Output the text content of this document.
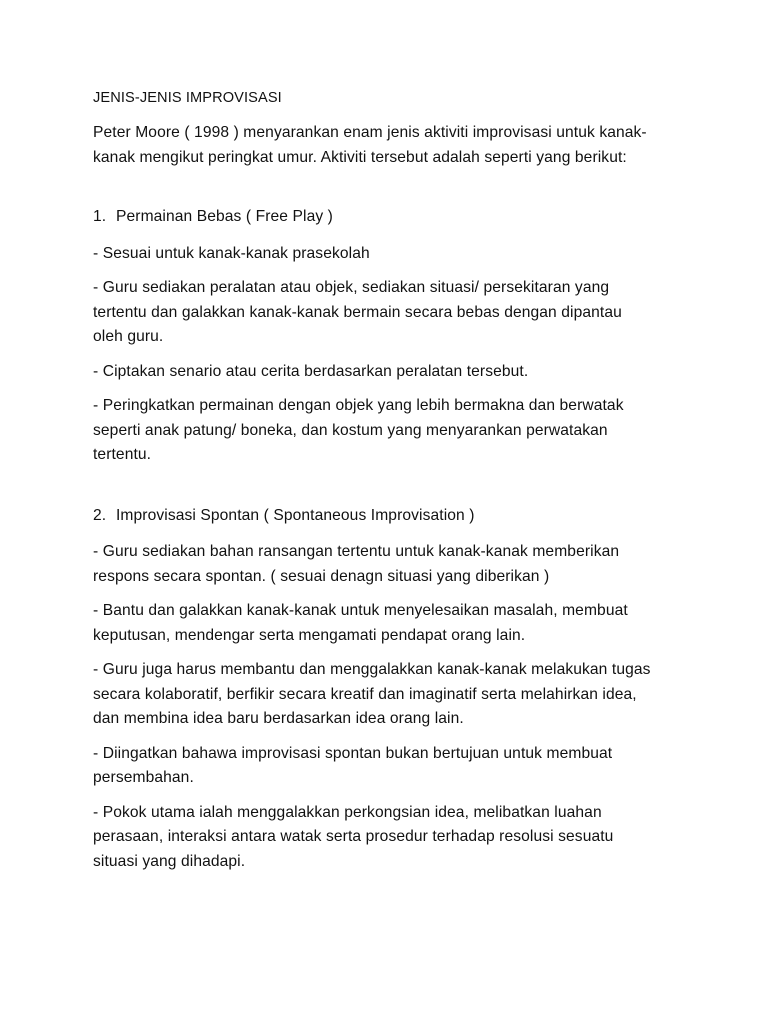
JENIS-JENIS IMPROVISASI

Peter Moore ( 1998 ) menyarankan enam jenis aktiviti improvisasi untuk kanak-
kanak mengikut peringkat umur. Aktiviti tersebut adalah seperti yang berikut:

1. Permainan Bebas ( Free Play )

- Sesuai untuk kanak-kanak prasekolah

- Guru sediakan peralatan atau objek, sediakan situasi/ persekitaran yang
tertentu dan galakkan kanak-kanak bermain secara bebas dengan dipantau
oleh guru.

- Ciptakan senario atau cerita berdasarkan peralatan tersebut.

- Peringkatkan permainan dengan objek yang lebih bermakna dan berwatak
seperti anak patung/ boneka, dan kostum yang menyarankan perwatakan
tertentu.

2. Improvisasi Spontan ( Spontaneous Improvisation )

- Guru sediakan bahan ransangan tertentu untuk kanak-kanak memberikan
respons secara spontan. ( sesuai denagn situasi yang diberikan )

- Bantu dan galakkan kanak-kanak untuk menyelesaikan masalah, membuat
keputusan, mendengar serta mengamati pendapat orang lain.

- Guru juga harus membantu dan menggalakkan kanak-kanak melakukan tugas
secara kolaboratif, berfikir secara kreatif dan imaginatif serta melahirkan idea,
dan membina idea baru berdasarkan idea orang lain.

- Diingatkan bahawa improvisasi spontan bukan bertujuan untuk membuat
persembahan.

- Pokok utama ialah menggalakkan perkongsian idea, melibatkan luahan
perasaan, interaksi antara watak serta prosedur terhadap resolusi sesuatu
situasi yang dihadapi.
